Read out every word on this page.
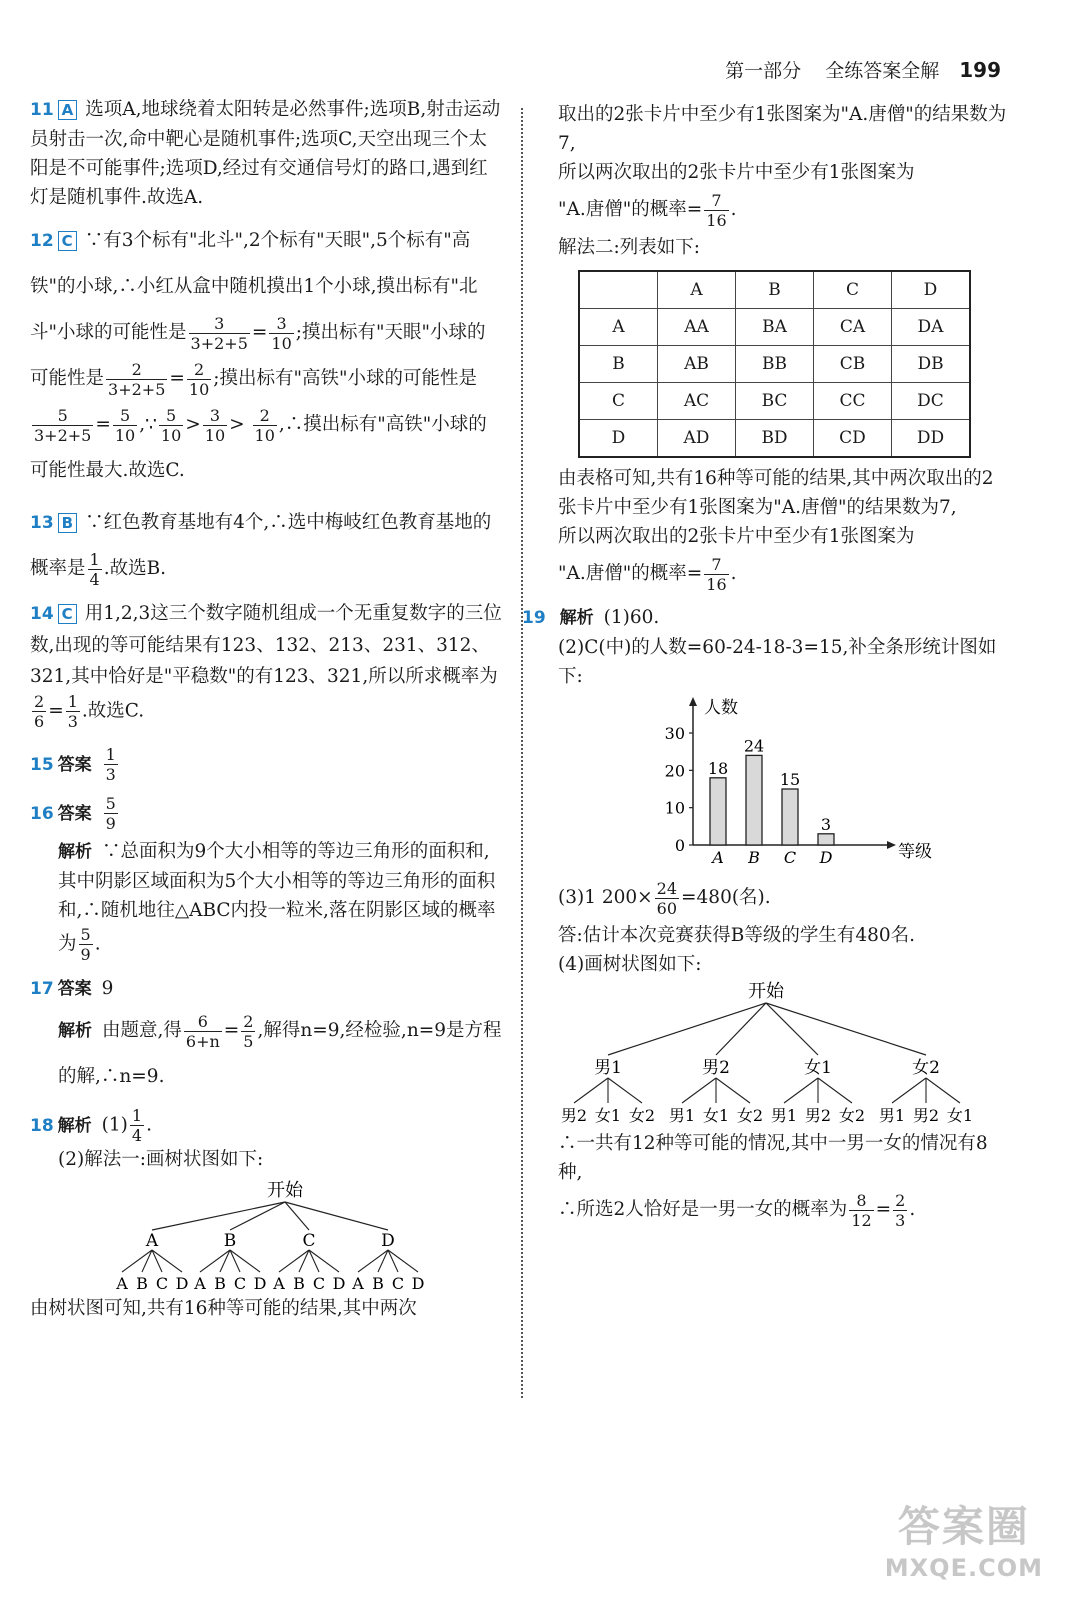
第一部分 全练答案全解 199
11 A 选项A,地球绕着太阳转是必然事件;选项B,射击运动员射击一次,命中靶心是随机事件;选项C,天空出现三个太阳是不可能事件;选项D,经过有交通信号灯的路口,遇到红灯是随机事件.故选A.
12 C ∵有3个标有"北斗",2个标有"天眼",5个标有"高铁"的小球,∴小红从盒中随机摸出1个小球,摸出标有"北斗"小球的可能性是 $\frac{3}{3+2+5} = \frac{3}{10}$ ;摸出标有"天眼"小球的可能性是 $\frac{2}{3+2+5} = \frac{2}{10}$ ;摸出标有"高铁"小球的可能性是
$\frac{5}{3+2+5} = \frac{5}{10}$ ,∵ $\frac{5}{10} > \frac{3}{10} > \frac{2}{10}$ ,∴摸出标有"高铁"小球的可能性最大.故选C.
13 B ∵红色教育基地有4个,∴选中梅岐红色教育基地的概率是 $\frac{1}{4}$ .故选B.
14 C 用1,2,3这三个数字随机组成一个无重复数字的三位数,出现的等可能结果有123、132、213、231、312、321,其中恰好是"平稳数"的有123、321,所以所求概率为
$\frac{2}{6} = \frac{1}{3}$ .故选C.
15 答案 $\frac{1}{3}$
16 答案 $\frac{5}{9}$
解析 ∵总面积为9个大小相等的等边三角形的面积和,其中阴影区域面积为5个大小相等的等边三角形的面积和,∴随机地往△ABC内投一粒米,落在阴影区域的概率为 $\frac{5}{9}$ .
17 答案 9
解析 由题意,得 $\frac{6}{6+n} = \frac{2}{5}$ ,解得n=9,经检验,n=9是方程的解,∴n=9.
18 解析 $(1) \frac{1}{4}$ .
(2)解法一:画树状图如下:
开始
A
A B C D
B
A B C D
C
A B C D
D
A B C D
由树状图可知,共有16种等可能的结果,其中两次
取出的2张卡片中至少有1张图案为"A.唐僧"的结果数为7,
所以两次取出的2张卡片中至少有1张图案为
"A.唐僧"的概率= $\frac{7}{16}$ .
解法二:列表如下:
	A	B	C	D
A	AA	BA	CA	DA
B	AB	BB	CB	DB
C	AC	BC	CC	DC
D	AD	BD	CD	DD
由表格可知,共有16种等可能的结果,其中两次取出的2张卡片中至少有1张图案为"A.唐僧"的结果数为7,
所以两次取出的2张卡片中至少有1张图案为
"A.唐僧"的概率= $\frac{7}{16}$ .
19 解析 (1)60.
(2)C(中)的人数=60-24-18-3=15,补全条形统计图如下:
人数
等级
0
10
20
30
18
A
24
B
15
C
3
D
(3)1 $200\times \frac{24}{60} =480$(名).
答:估计本次竞赛获得B等级的学生有480名.
(4)画树状图如下:
开始
男1
男2 女1 女2
男2
男1 女1 女2
女1
男1 男2 女2
女2
男1 男2 女1
∴一共有12种等可能的情况,其中一男一女的情况有8种,
∴所选2人恰好是一男一女的概率为 $\frac{8}{12} = \frac{2}{3}$ .
答案圈
MXQE.COM
